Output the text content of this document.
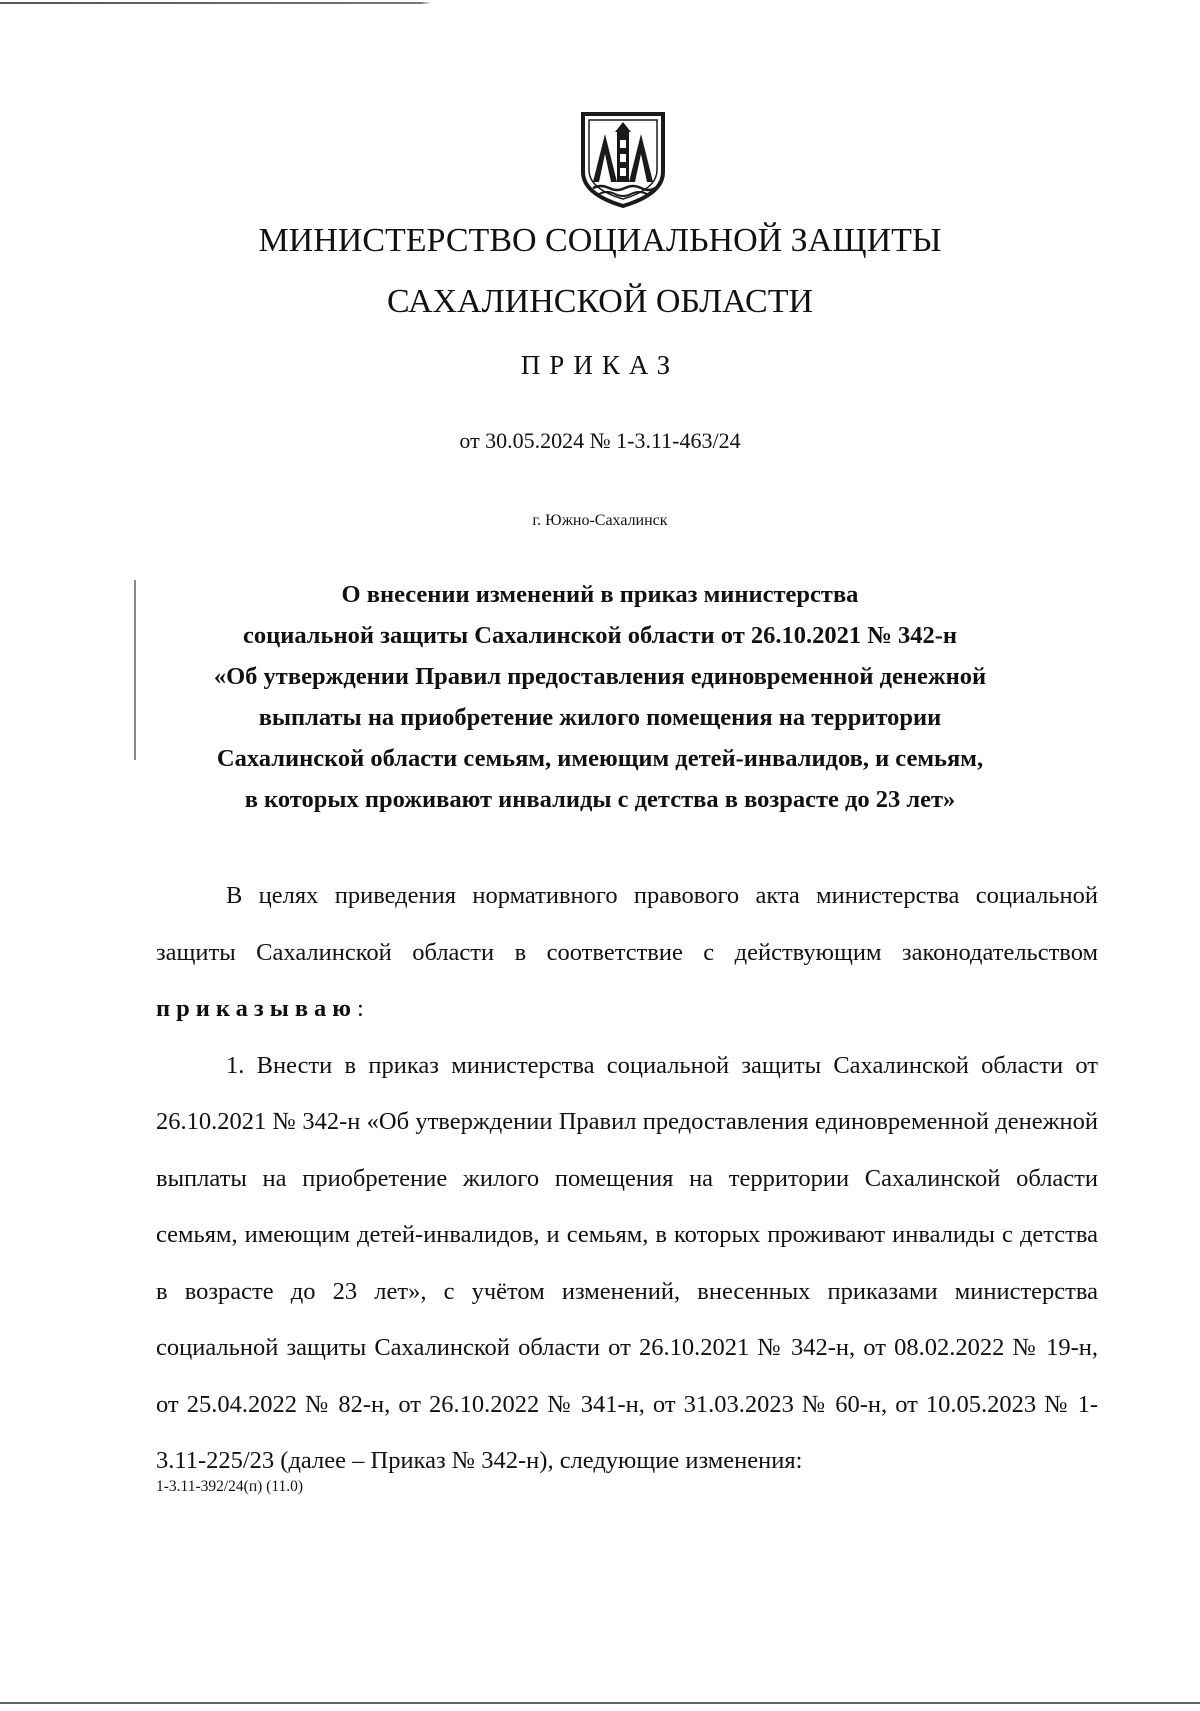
МИНИСТЕРСТВО СОЦИАЛЬНОЙ ЗАЩИТЫ
САХАЛИНСКОЙ ОБЛАСТИ
ПРИКАЗ
от 30.05.2024 № 1-3.11-463/24
г. Южно-Сахалинск
О внесении изменений в приказ министерства
социальной защиты Сахалинской области от 26.10.2021 № 342-н
«Об утверждении Правил предоставления единовременной денежной
выплаты на приобретение жилого помещения на территории
Сахалинской области семьям, имеющим детей-инвалидов, и семьям,
в которых проживают инвалиды с детства в возрасте до 23 лет»

В целях приведения нормативного правового акта министерства социальной защиты Сахалинской области в соответствие с действующим законодательством приказываю:

1. Внести в приказ министерства социальной защиты Сахалинской области от 26.10.2021 № 342-н «Об утверждении Правил предоставления единовременной денежной выплаты на приобретение жилого помещения на территории Сахалинской области семьям, имеющим детей-инвалидов, и семьям, в которых проживают инвалиды с детства в возрасте до 23 лет», с учётом изменений, внесенных приказами министерства социальной защиты Сахалинской области от 26.10.2021 № 342-н, от 08.02.2022 № 19-н, от 25.04.2022 № 82-н, от 26.10.2022 № 341-н, от 31.03.2023 № 60-н, от 10.05.2023 № 1-3.11-225/23 (далее – Приказ № 342-н), следующие изменения:

1-3.11-392/24(п) (11.0)
